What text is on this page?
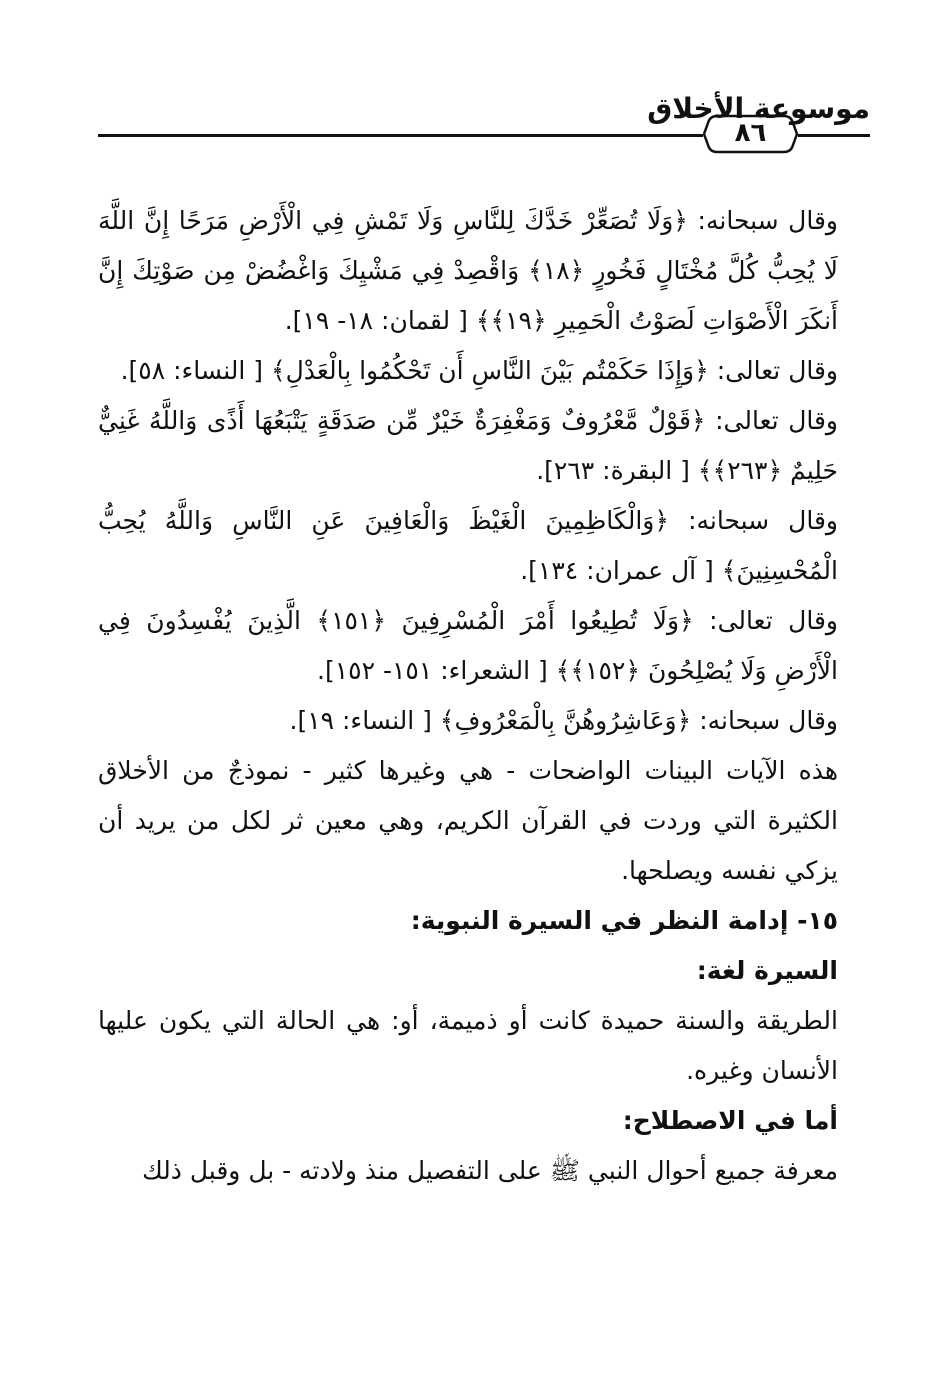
٨٦
موسوعة الأخلاق

وقال سبحانه: ﴿وَلَا تُصَعِّرْ خَدَّكَ لِلنَّاسِ وَلَا تَمْشِ فِي الْأَرْضِ مَرَحًا إِنَّ اللَّهَ لَا يُحِبُّ كُلَّ مُخْتَالٍ فَخُورٍ ﴿١٨﴾ وَاقْصِدْ فِي مَشْيِكَ وَاغْضُضْ مِن صَوْتِكَ إِنَّ أَنكَرَ الْأَصْوَاتِ لَصَوْتُ الْحَمِيرِ ﴿١٩﴾﴾ [ لقمان: ١٨- ١٩].

وقال تعالى: ﴿وَإِذَا حَكَمْتُم بَيْنَ النَّاسِ أَن تَحْكُمُوا بِالْعَدْلِ﴾ [ النساء: ٥٨].

وقال تعالى: ﴿قَوْلٌ مَّعْرُوفٌ وَمَغْفِرَةٌ خَيْرٌ مِّن صَدَقَةٍ يَتْبَعُهَا أَذًى وَاللَّهُ غَنِيٌّ حَلِيمٌ ﴿٢٦٣﴾﴾ [ البقرة: ٢٦٣].

وقال سبحانه: ﴿وَالْكَاظِمِينَ الْغَيْظَ وَالْعَافِينَ عَنِ النَّاسِ وَاللَّهُ يُحِبُّ الْمُحْسِنِينَ﴾ [ آل عمران: ١٣٤].

وقال تعالى: ﴿وَلَا تُطِيعُوا أَمْرَ الْمُسْرِفِينَ ﴿١٥١﴾ الَّذِينَ يُفْسِدُونَ فِي الْأَرْضِ وَلَا يُصْلِحُونَ ﴿١٥٢﴾﴾ [ الشعراء: ١٥١- ١٥٢].

وقال سبحانه: ﴿وَعَاشِرُوهُنَّ بِالْمَعْرُوفِ﴾ [ النساء: ١٩].

هذه الآيات البينات الواضحات - هي وغيرها كثير - نموذجٌ من الأخلاق الكثيرة التي وردت في القرآن الكريم، وهي معين ثر لكل من يريد أن يزكي نفسه ويصلحها.

١٥- إدامة النظر في السيرة النبوية:

السيرة لغة:

الطريقة والسنة حميدة كانت أو ذميمة، أو: هي الحالة التي يكون عليها الأنسان وغيره.

أما في الاصطلاح:

معرفة جميع أحوال النبي ﷺ على التفصيل منذ ولادته - بل وقبل ذلك
